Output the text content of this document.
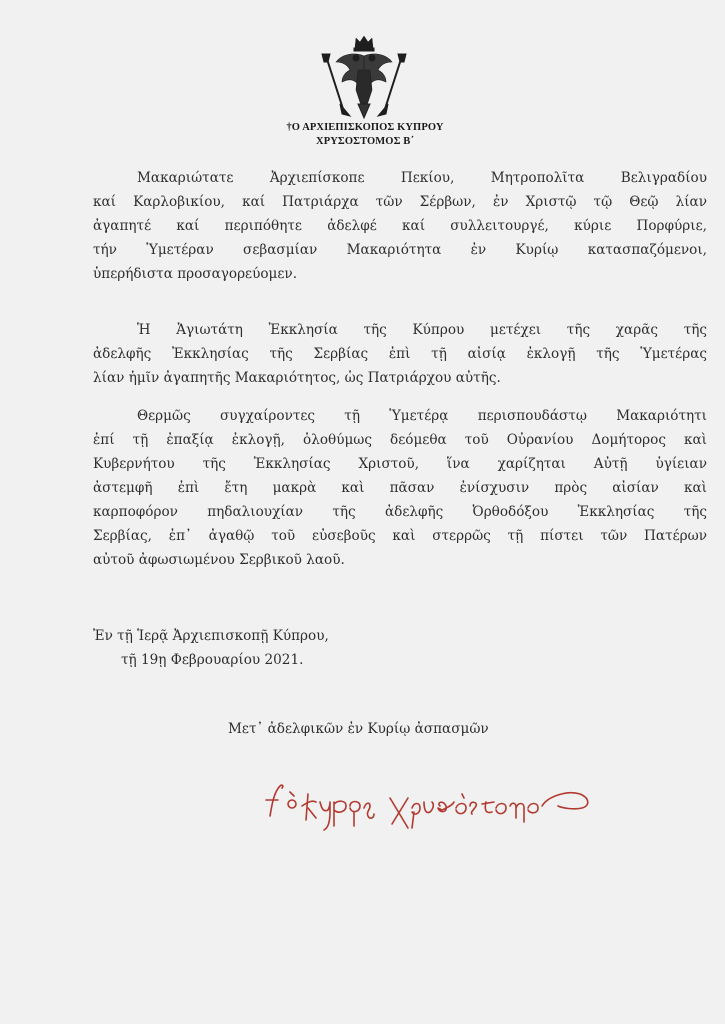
†Ο ΑΡΧΙΕΠΙΣΚΟΠΟΣ ΚΥΠΡΟΥ
ΧΡΥΣΟΣΤΟΜΟΣ Β΄
Μακαριώτατε Ἀρχιεπίσκοπε Πεκίου, Μητροπολῖτα Βελιγραδίου
καί Καρλοβικίου, καί Πατριάρχα τῶν Σέρβων, ἐν Χριστῷ τῷ Θεῷ λίαν
ἀγαπητέ καί περιπόθητε ἀδελφέ καί συλλειτουργέ, κύριε Πορφύριε,
τήν Ὑμετέραν σεβασμίαν Μακαριότητα ἐν Κυρίῳ κατασπαζόμενοι,
ὑπερήδιστα προσαγορεύομεν.
Ἡ Ἁγιωτάτη Ἐκκλησία τῆς Κύπρου μετέχει τῆς χαρᾶς τῆς
ἀδελφῆς Ἐκκλησίας τῆς Σερβίας ἐπὶ τῇ αἰσίᾳ ἐκλογῇ τῆς Ὑμετέρας
λίαν ἡμῖν ἀγαπητῆς Μακαριότητος, ὡς Πατριάρχου αὐτῆς.
Θερμῶς συγχαίροντες τῇ Ὑμετέρᾳ περισπουδάστῳ Μακαριότητι
ἐπί τῇ ἐπαξίᾳ ἐκλογῇ, ὁλοθύμως δεόμεθα τοῦ Οὐρανίου Δομήτορος καὶ
Κυβερνήτου τῆς Ἐκκλησίας Χριστοῦ, ἵνα χαρίζηται Αὐτῇ ὑγίειαν
ἀστεμφῆ ἐπὶ ἔτη μακρὰ καὶ πᾶσαν ἐνίσχυσιν πρὸς αἰσίαν καὶ
καρποφόρον πηδαλιουχίαν τῆς ἀδελφῆς Ὀρθοδόξου Ἐκκλησίας τῆς
Σερβίας, ἐπ᾽ ἀγαθῷ τοῦ εὐσεβοῦς καὶ στερρῶς τῇ πίστει τῶν Πατέρων
αὐτοῦ ἀφωσιωμένου Σερβικοῦ λαοῦ.
Ἐν τῇ Ἱερᾷ Ἀρχιεπισκοπῇ Κύπρου,
τῇ 19ῃ Φεβρουαρίου 2021.
Μετ᾽ ἀδελφικῶν ἐν Κυρίῳ ἀσπασμῶν
